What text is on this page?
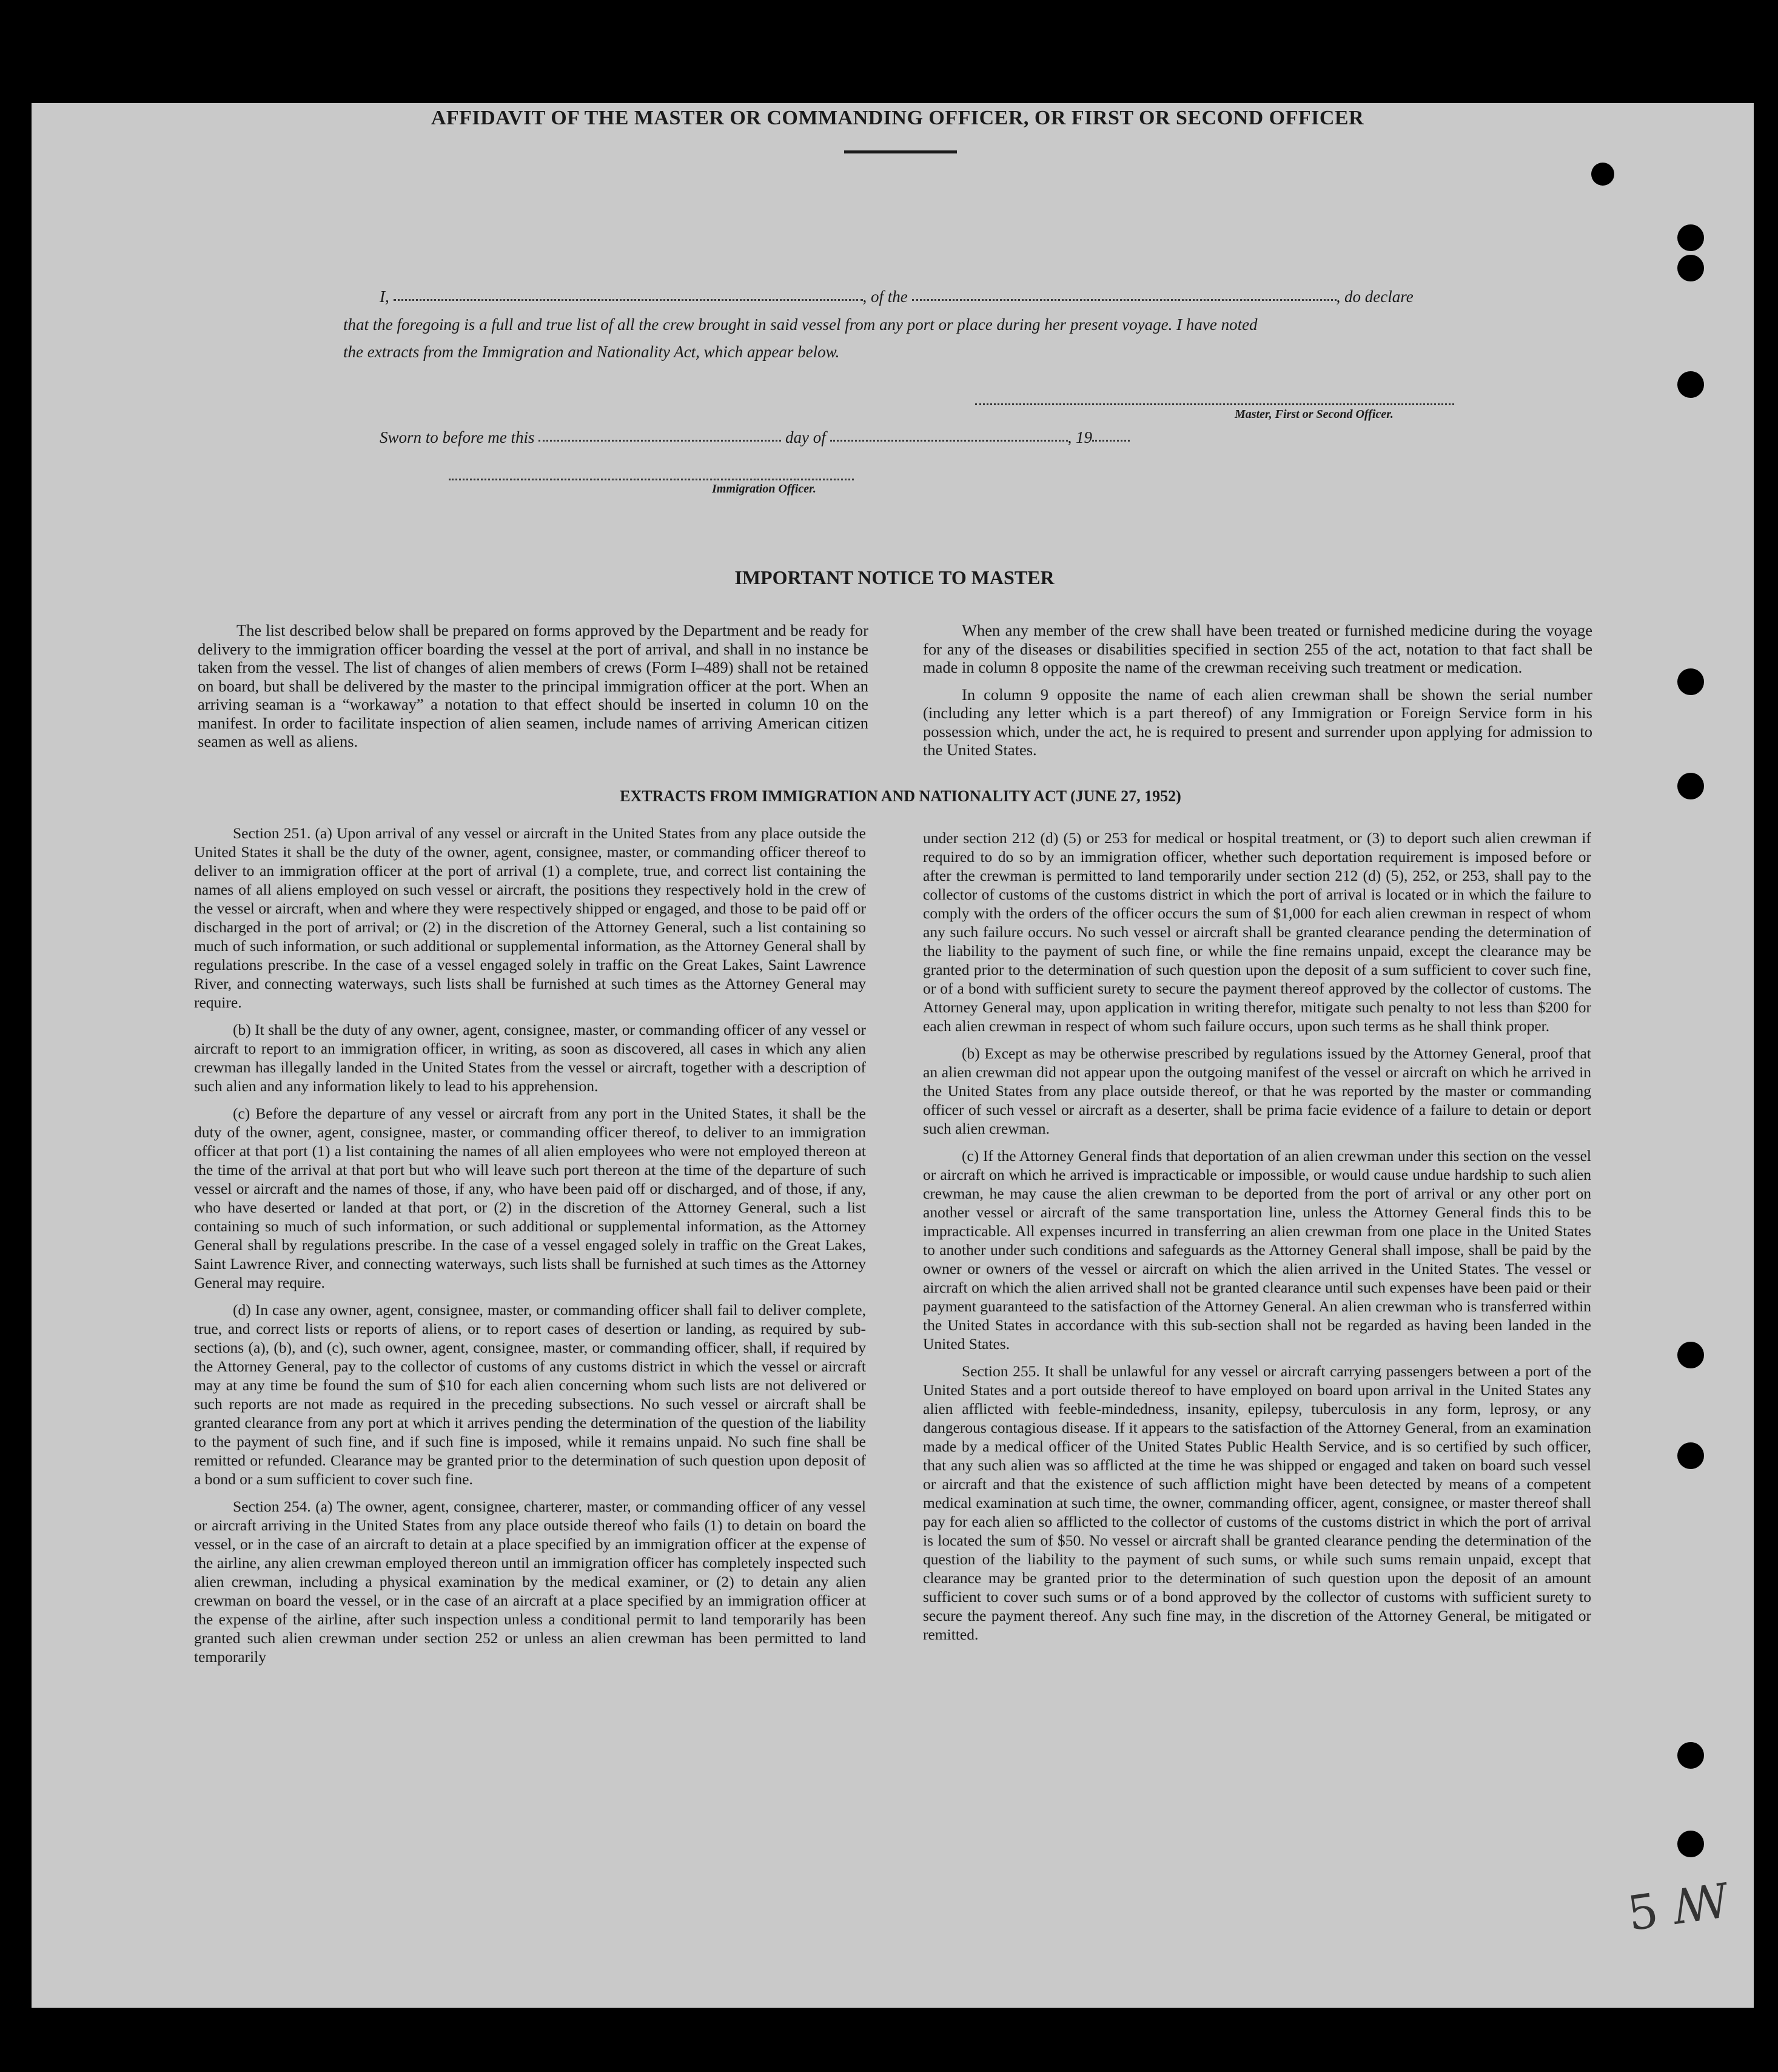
AFFIDAVIT OF THE MASTER OR COMMANDING OFFICER, OR FIRST OR SECOND OFFICER
I,	, of the	, do declare
that the foregoing is a full and true list of all the crew brought in said vessel from any port or place during her present voyage. I have noted
the extracts from the Immigration and Nationality Act, which appear below.
Master, First or Second Officer.
Sworn to before me this	day of	, 19
Immigration Officer.
IMPORTANT NOTICE TO MASTER

The list described below shall be prepared on forms approved by the Department and be ready for delivery to the immigration officer boarding the vessel at the port of arrival, and shall in no instance be taken from the vessel. The list of changes of alien members of crews (Form I–489) shall not be retained on board, but shall be delivered by the master to the principal immigration officer at the port. When an arriving seaman is a “workaway” a notation to that effect should be inserted in column 10 on the manifest. In order to facilitate inspection of alien seamen, include names of arriving American citizen seamen as well as aliens.

When any member of the crew shall have been treated or furnished medicine during the voyage for any of the diseases or disabilities specified in section 255 of the act, notation to that fact shall be made in column 8 opposite the name of the crewman receiving such treatment or medication.

In column 9 opposite the name of each alien crewman shall be shown the serial number (including any letter which is a part thereof) of any Immigration or Foreign Service form in his possession which, under the act, he is required to present and surrender upon applying for admission to the United States.

EXTRACTS FROM IMMIGRATION AND NATIONALITY ACT (JUNE 27, 1952)

Section 251. (a) Upon arrival of any vessel or aircraft in the United States from any place outside the United States it shall be the duty of the owner, agent, consignee, master, or commanding officer thereof to deliver to an immigration officer at the port of arrival (1) a complete, true, and correct list containing the names of all aliens employed on such vessel or aircraft, the positions they respectively hold in the crew of the vessel or aircraft, when and where they were respectively shipped or engaged, and those to be paid off or discharged in the port of arrival; or (2) in the discretion of the Attorney General, such a list containing so much of such information, or such additional or supplemental information, as the Attorney General shall by regulations prescribe. In the case of a vessel engaged solely in traffic on the Great Lakes, Saint Lawrence River, and connecting waterways, such lists shall be furnished at such times as the Attorney General may require.

(b) It shall be the duty of any owner, agent, consignee, master, or commanding officer of any vessel or aircraft to report to an immigration officer, in writing, as soon as discovered, all cases in which any alien crewman has illegally landed in the United States from the vessel or aircraft, together with a description of such alien and any information likely to lead to his apprehension.

(c) Before the departure of any vessel or aircraft from any port in the United States, it shall be the duty of the owner, agent, consignee, master, or commanding officer thereof, to deliver to an immigration officer at that port (1) a list containing the names of all alien employees who were not employed thereon at the time of the arrival at that port but who will leave such port thereon at the time of the departure of such vessel or aircraft and the names of those, if any, who have been paid off or discharged, and of those, if any, who have deserted or landed at that port, or (2) in the discretion of the Attorney General, such a list containing so much of such information, or such additional or supplemental information, as the Attorney General shall by regulations prescribe. In the case of a vessel engaged solely in traffic on the Great Lakes, Saint Lawrence River, and connecting waterways, such lists shall be furnished at such times as the Attorney General may require.

(d) In case any owner, agent, consignee, master, or commanding officer shall fail to deliver complete, true, and correct lists or reports of aliens, or to report cases of desertion or landing, as required by sub-sections (a), (b), and (c), such owner, agent, consignee, master, or commanding officer, shall, if required by the Attorney General, pay to the collector of customs of any customs district in which the vessel or aircraft may at any time be found the sum of $10 for each alien concerning whom such lists are not delivered or such reports are not made as required in the preceding subsections. No such vessel or aircraft shall be granted clearance from any port at which it arrives pending the determination of the question of the liability to the payment of such fine, and if such fine is imposed, while it remains unpaid. No such fine shall be remitted or refunded. Clearance may be granted prior to the determination of such question upon deposit of a bond or a sum sufficient to cover such fine.

Section 254. (a) The owner, agent, consignee, charterer, master, or commanding officer of any vessel or aircraft arriving in the United States from any place outside thereof who fails (1) to detain on board the vessel, or in the case of an aircraft to detain at a place specified by an immigration officer at the expense of the airline, any alien crewman employed thereon until an immigration officer has completely inspected such alien crewman, including a physical examination by the medical examiner, or (2) to detain any alien crewman on board the vessel, or in the case of an aircraft at a place specified by an immigration officer at the expense of the airline, after such inspection unless a conditional permit to land temporarily has been granted such alien crewman under section 252 or unless an alien crewman has been permitted to land temporarily

under section 212 (d) (5) or 253 for medical or hospital treatment, or (3) to deport such alien crewman if required to do so by an immigration officer, whether such deportation requirement is imposed before or after the crewman is permitted to land temporarily under section 212 (d) (5), 252, or 253, shall pay to the collector of customs of the customs district in which the port of arrival is located or in which the failure to comply with the orders of the officer occurs the sum of $1,000 for each alien crewman in respect of whom any such failure occurs. No such vessel or aircraft shall be granted clearance pending the determination of the liability to the payment of such fine, or while the fine remains unpaid, except the clearance may be granted prior to the determination of such question upon the deposit of a sum sufficient to cover such fine, or of a bond with sufficient surety to secure the payment thereof approved by the collector of customs. The Attorney General may, upon application in writing therefor, mitigate such penalty to not less than $200 for each alien crewman in respect of whom such failure occurs, upon such terms as he shall think proper.

(b) Except as may be otherwise prescribed by regulations issued by the Attorney General, proof that an alien crewman did not appear upon the outgoing manifest of the vessel or aircraft on which he arrived in the United States from any place outside thereof, or that he was reported by the master or commanding officer of such vessel or aircraft as a deserter, shall be prima facie evidence of a failure to detain or deport such alien crewman.

(c) If the Attorney General finds that deportation of an alien crewman under this section on the vessel or aircraft on which he arrived is impracticable or impossible, or would cause undue hardship to such alien crewman, he may cause the alien crewman to be deported from the port of arrival or any other port on another vessel or aircraft of the same transportation line, unless the Attorney General finds this to be impracticable. All expenses incurred in transferring an alien crewman from one place in the United States to another under such conditions and safeguards as the Attorney General shall impose, shall be paid by the owner or owners of the vessel or aircraft on which the alien arrived in the United States. The vessel or aircraft on which the alien arrived shall not be granted clearance until such expenses have been paid or their payment guaranteed to the satisfaction of the Attorney General. An alien crewman who is transferred within the United States in accordance with this sub-section shall not be regarded as having been landed in the United States.

Section 255. It shall be unlawful for any vessel or aircraft carrying passengers between a port of the United States and a port outside thereof to have employed on board upon arrival in the United States any alien afflicted with feeble-mindedness, insanity, epilepsy, tuberculosis in any form, leprosy, or any dangerous contagious disease. If it appears to the satisfaction of the Attorney General, from an examination made by a medical officer of the United States Public Health Service, and is so certified by such officer, that any such alien was so afflicted at the time he was shipped or engaged and taken on board such vessel or aircraft and that the existence of such affliction might have been detected by means of a competent medical examination at such time, the owner, commanding officer, agent, consignee, or master thereof shall pay for each alien so afflicted to the collector of customs of the customs district in which the port of arrival is located the sum of $50. No vessel or aircraft shall be granted clearance pending the determination of the question of the liability to the payment of such sums, or while such sums remain unpaid, except that clearance may be granted prior to the determination of such question upon the deposit of an amount sufficient to cover such sums or of a bond approved by the collector of customs with sufficient surety to secure the payment thereof. Any such fine may, in the discretion of the Attorney General, be mitigated or remitted.

5 ꟿ
